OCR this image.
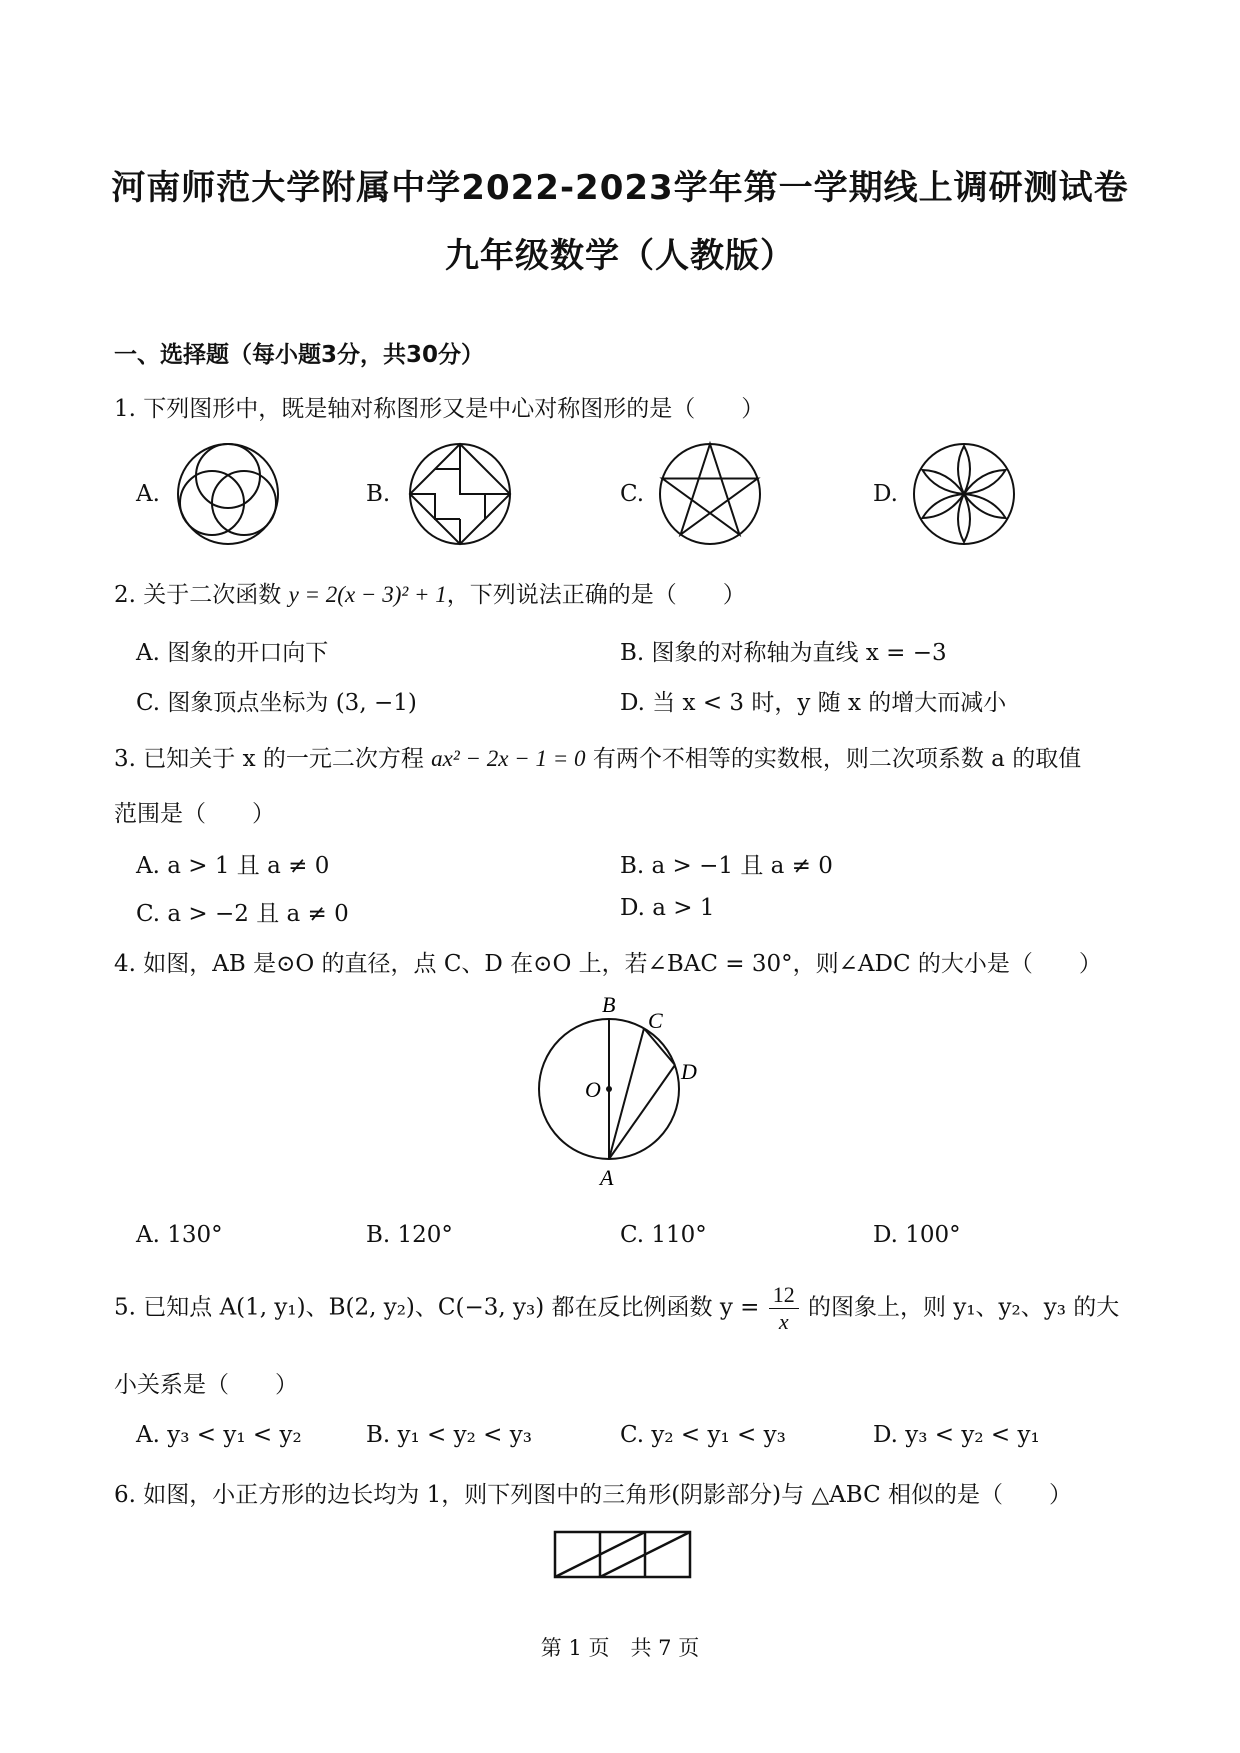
河南师范大学附属中学2022-2023学年第一学期线上调研测试卷
九年级数学（人教版）
一、选择题（每小题3分，共30分）
1. 下列图形中，既是轴对称图形又是中心对称图形的是（　　）
A.	B.	C.	D.
2. 关于二次函数 y = 2(x − 3)² + 1，下列说法正确的是（　　）
A. 图象的开口向下	B. 图象的对称轴为直线 x = −3
C. 图象顶点坐标为 (3, −1)	D. 当 x < 3 时，y 随 x 的增大而减小
3. 已知关于 x 的一元二次方程 ax² − 2x − 1 = 0 有两个不相等的实数根，则二次项系数 a 的取值
范围是（　　）
A. a > 1 且 a ≠ 0	B. a > −1 且 a ≠ 0
C. a > −2 且 a ≠ 0	D. a > 1
4. 如图，AB 是⊙O 的直径，点 C、D 在⊙O 上，若∠BAC = 30°，则∠ADC 的大小是（　　）
B
C
O
D
A
A. 130°	B. 120°	C. 110°	D. 100°
5. 已知点 A(1, y₁)、B(2, y₂)、C(−3, y₃) 都在反比例函数 $y = \frac{12}{x}$ 的图象上，则 y₁、y₂、y₃ 的大
小关系是（　　）
A. y₃ < y₁ < y₂	B. y₁ < y₂ < y₃	C. y₂ < y₁ < y₃	D. y₃ < y₂ < y₁
6. 如图，小正方形的边长均为 1，则下列图中的三角形(阴影部分)与 △ABC 相似的是（　　）
第 1 页　共 7 页
